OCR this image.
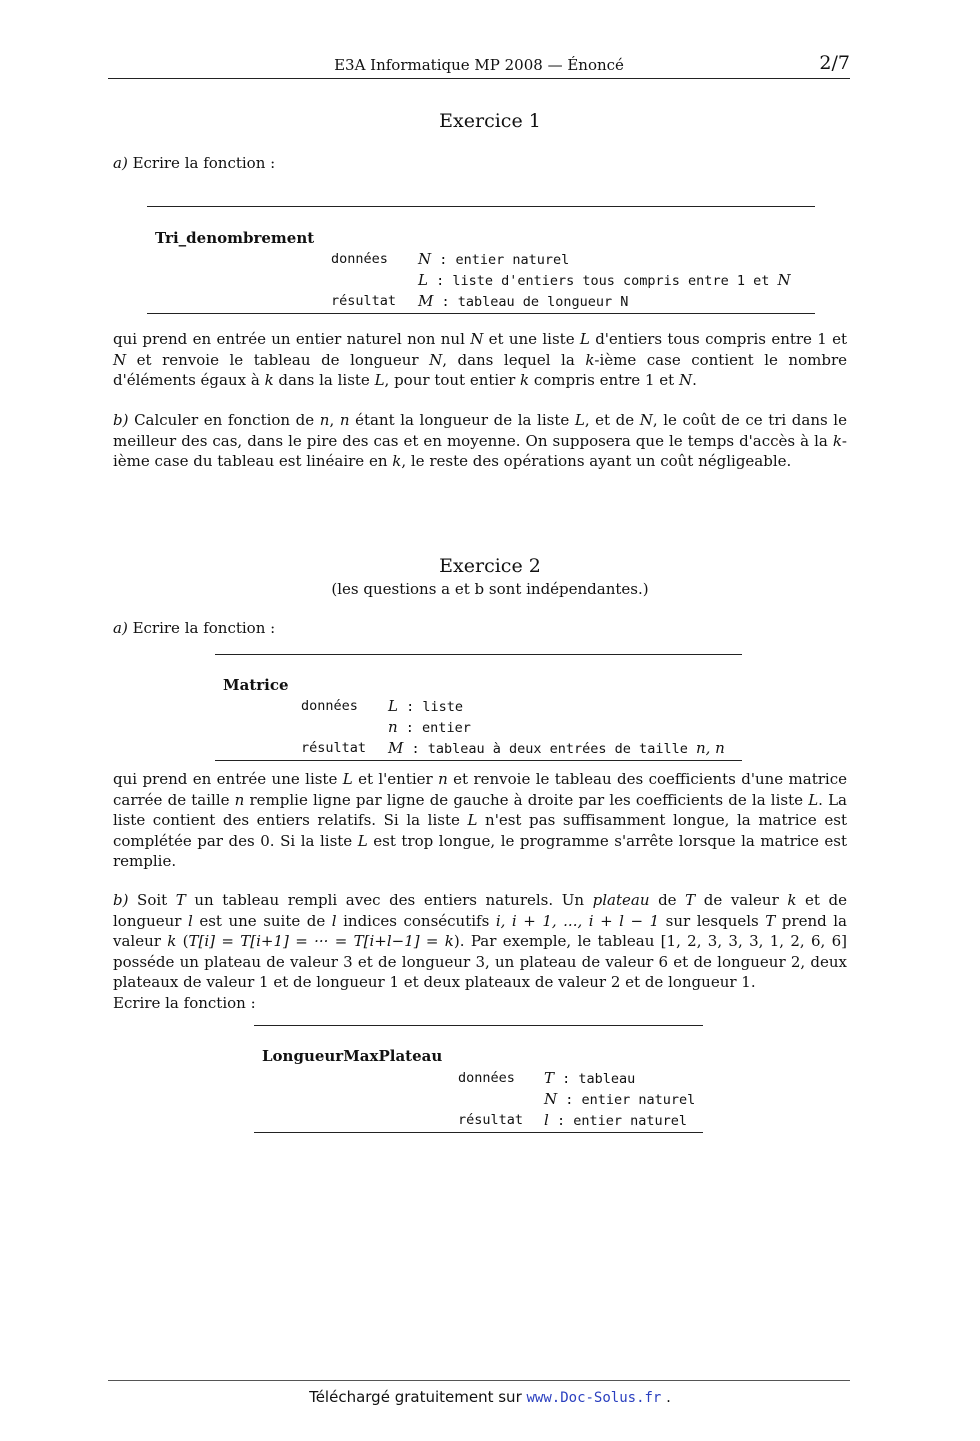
E3A Informatique MP 2008 — Énoncé	2/7
Exercice 1
a) Ecrire la fonction :
Tri_denombrement
données N : entier naturel
L : liste d'entiers tous compris entre 1 et N
résultat M : tableau de longueur N
qui prend en entrée un entier naturel non nul N et une liste L d'entiers tous compris entre 1 et N et renvoie le tableau de longueur N, dans lequel la k-ième case contient le nombre d'éléments égaux à k dans la liste L, pour tout entier k compris entre 1 et N.
b) Calculer en fonction de n, n étant la longueur de la liste L, et de N, le coût de ce tri dans le meilleur des cas, dans le pire des cas et en moyenne. On supposera que le temps d'accès à la k-ième case du tableau est linéaire en k, le reste des opérations ayant un coût négligeable.
Exercice 2
(les questions a et b sont indépendantes.)
a) Ecrire la fonction :
Matrice
données L : liste
n : entier
résultat M : tableau à deux entrées de taille n, n
qui prend en entrée une liste L et l'entier n et renvoie le tableau des coefficients d'une matrice carrée de taille n remplie ligne par ligne de gauche à droite par les coefficients de la liste L. La liste contient des entiers relatifs. Si la liste L n'est pas suffisamment longue, la matrice est complétée par des 0. Si la liste L est trop longue, le programme s'arrête lorsque la matrice est remplie.
b) Soit T un tableau rempli avec des entiers naturels. Un plateau de T de valeur k et de longueur l est une suite de l indices consécutifs i, i + 1, ..., i + l − 1 sur lesquels T prend la valeur k (T[i] = T[i+1] = ··· = T[i+l−1] = k). Par exemple, le tableau [1, 2, 3, 3, 3, 1, 2, 6, 6] posséde un plateau de valeur 3 et de longueur 3, un plateau de valeur 6 et de longueur 2, deux plateaux de valeur 1 et de longueur 1 et deux plateaux de valeur 2 et de longueur 1.
Ecrire la fonction :
LongueurMaxPlateau
données T : tableau
N : entier naturel
résultat l : entier naturel
Téléchargé gratuitement sur www.Doc-Solus.fr .
